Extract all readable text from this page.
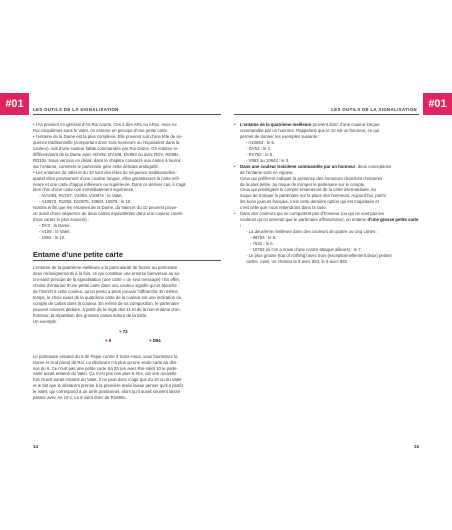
#01	#01
LES OUTILS DE LA SIGNALISATION	LES OUTILS DE LA SIGNALISATION

• l’As provient en général d’As-Roi courts. Ces 4 dire ARx ou ARxx. Avec Ax
Roi cinquièmes sans le Valet, on entame en principe d’une petite carte.

• l’entame de la Dame est la plus complexe. Elle provient soit d’une tête de sé-
quence traditionnelle (comportant donc trois honneurs ou l’équivalent dans la
couleur), soit d’une couleur faible commandée par Roi-Dame. On entame in-
différemment de la Dame avec ADV9x, DV109, DV983 ou avec RDV, RD98x,
RD10x. Nous verrons en détail, dans le chapitre consacré aux cartes à fournir
sur l’entame, comment le partenaire gère cette délicate ambiguïté.

• Les entames du Valet et du 10 sont des têtes de séquence traditionnelles :
quand elles proviennent d’une couleur longue, elles garantissent la carte infé-
rieure et une carte d’appui inférieure ou supérieure. Dans ce dernier cas, il s’agit
bien d’un d’une carte non immédiatement supérieure :
- AV1093, RV107, V1093, V10874 : le Valet.
- A10973, R1093, D10975, 10983, 10975 : le 10.
Notons enfin que les entames de la Dame, du Valet et du 10 peuvent prove-
nir aussi d’une séquence de deux cartes équivalentes dans une couleur courte
(trois cartes le plus souvent) :
- DV3 : la Dame.
- V106 : le Valet.
- 1094 : le 10.

Entame d’une petite carte

L’entame de la quatrième meilleure a la particularité de fournir au partenaire
deux renseignements à la fois, ce qui constitue une entorse bienvenue au sa-
cro-saint principe de la signalisation (une carte = un seul message) ! En effet,
choisir d’entamer d’une petite carte dans une couleur signifie qu’un atouche
de l’intérêt à cette couleur, qu’un perso a priori pouvoir l’affranchir. En même
temps, le choix exact de la quatrième carte de la couleur est une indication du
compte de cartes dans la couleur. En même de sa composition, le partenaire
peuvent souvent déduire, à partir de la règle des 11 et de la non-entame d’un
honneur, la répartition des grosses cartes autour de la table.
Un exemple :

♥ 73
♥ 6	♥ D94

Le partenaire entame du 6 de Pique contre 3 Sans-Atout, vous fournissez la
Dame et Sud prend de Roi. Le déclarant n’a plus qu’une seule carte au des-
sus du 6. Ce n’est pas une petite carte Sa 83 (en avez Roi-Valet 10 le parte-
naire aurait entamé du Valet. Ça n’est pas non plus le Roi, car une nouvelle
fois Ouest aurait entamé du Valet. Il ne peut donc s’agir que du 10 ou du Valet
et le fait que le déclarant prenne à la première levée laisse penser qu’il a plutôt
le Valet, qui correspond à un arrêt positionnel, alors qu’il aurait souvent laissé
passer avec Ax-10-x. Le 6 vient donc de R1086x.

• L’entame de la quatrième meilleure provient donc d’une couleur longue
commandée par un honneur. Rappelons que le 10 est un honneur, ce qui
permet de donner les exemples suivants :
- A10853 : le 5.
- DV53 : le 3.
- RV752 : le 5.
- V853 ou 10843 : le 3.
• Dans une couleur troisième commandée par un honneur, deux conceptions
de l’entame sont en vigueur.
Ceux qui préfèrent indiquer la présence des honneurs choisiront d’entamer
de la plus petite, au risque de tromper le partenaire sur le compte.
Ceux qui privilégient le compte entameront de la carte intermédiaire, au
risque de tromper le partenaire sur la place des honneurs. Aujourd’hui, parmi
les bons joueurs français, c’est cette dernière option qui est majoritaire et
c’est celle que nous retiendrons dans la suite.
• Dans des couleurs qui ne comportent pas d’honneur (ou qui ne sont pas les
couleurs qu’on aimerait que le partenaire affranchisse), on entame d’une grosse petite carte :
- La deuxième meilleure dans des couleurs de quatre ou cinq cartes :
- 98753 : le 8.
- 7632 : le 6.
- 10763 (si l’on a envie d’une contre-attaque ailleurs) : le 7.
- Le plus grosse (top of nothing) avec trois (exceptionnellement deux) petites
cartes. Ainsi, on choisira le 8 avec 853, le 9 avec 982.
14	15
